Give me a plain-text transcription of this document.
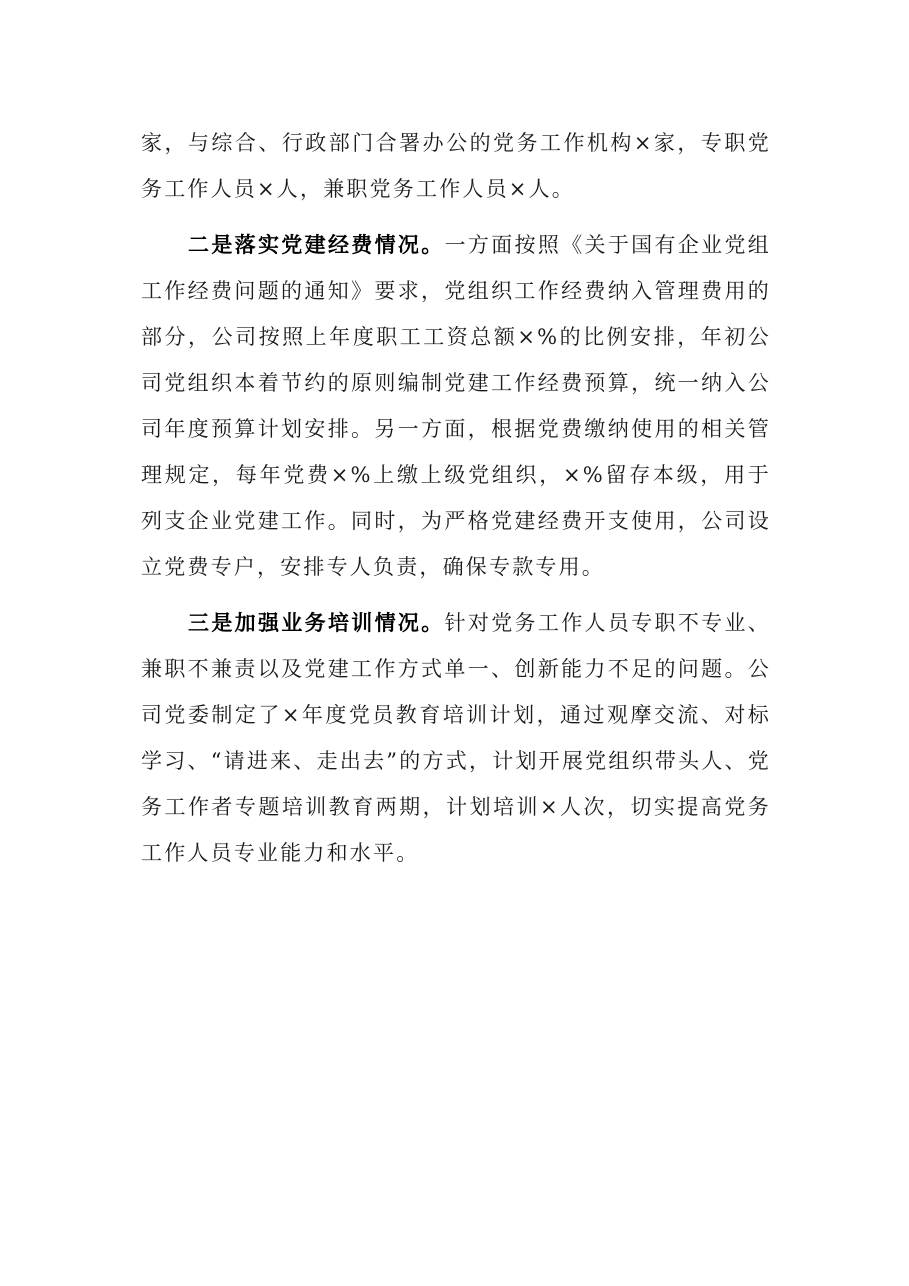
家，与综合、行政部门合署办公的党务工作机构×家，专职党务工作人员×人，兼职党务工作人员×人。

二是落实党建经费情况。一方面按照《关于国有企业党组工作经费问题的通知》要求，党组织工作经费纳入管理费用的部分，公司按照上年度职工工资总额×%的比例安排，年初公司党组织本着节约的原则编制党建工作经费预算，统一纳入公司年度预算计划安排。另一方面，根据党费缴纳使用的相关管理规定，每年党费×%上缴上级党组织，×%留存本级，用于列支企业党建工作。同时，为严格党建经费开支使用，公司设立党费专户，安排专人负责，确保专款专用。

三是加强业务培训情况。针对党务工作人员专职不专业、兼职不兼责以及党建工作方式单一、创新能力不足的问题。公司党委制定了×年度党员教育培训计划，通过观摩交流、对标学习、“请进来、走出去”的方式，计划开展党组织带头人、党务工作者专题培训教育两期，计划培训×人次，切实提高党务工作人员专业能力和水平。
